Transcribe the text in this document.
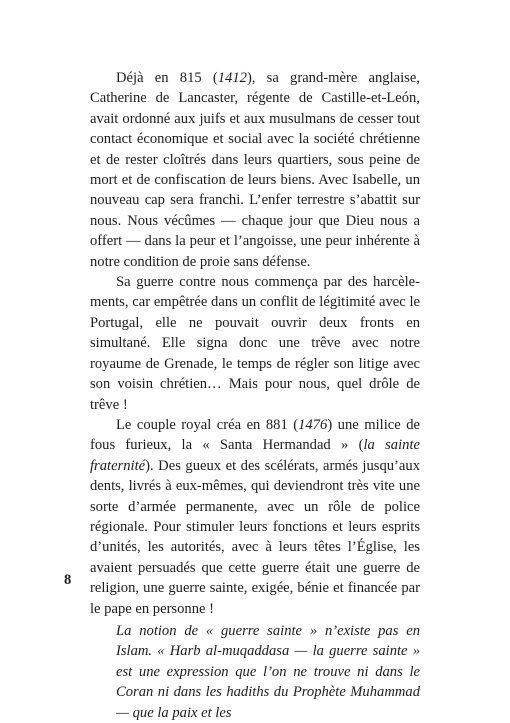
Déjà en 815 (1412), sa grand-mère anglaise, Catherine de Lancaster, régente de Castille-et-León, avait ordonné aux juifs et aux musulmans de cesser tout contact économique et social avec la société chrétienne et de rester cloîtrés dans leurs quartiers, sous peine de mort et de confiscation de leurs biens. Avec Isabelle, un nouveau cap sera franchi. L’enfer terrestre s’abattit sur nous. Nous vécûmes — chaque jour que Dieu nous a offert — dans la peur et l’angoisse, une peur inhérente à notre condition de proie sans défense.

Sa guerre contre nous commença par des harcèlements, car empêtrée dans un conflit de légitimité avec le Portugal, elle ne pouvait ouvrir deux fronts en simultané. Elle signa donc une trêve avec notre royaume de Grenade, le temps de régler son litige avec son voisin chrétien… Mais pour nous, quel drôle de trêve !

Le couple royal créa en 881 (1476) une milice de fous furieux, la « Santa Hermandad » (la sainte fraternité). Des gueux et des scélérats, armés jusqu’aux dents, livrés à eux-mêmes, qui deviendront très vite une sorte d’armée permanente, avec un rôle de police régionale. Pour stimuler leurs fonctions et leurs esprits d’unités, les autorités, avec à leurs têtes l’Église, les avaient persuadés que cette guerre était une guerre de religion, une guerre sainte, exigée, bénie et financée par le pape en personne !

La notion de « guerre sainte » n’existe pas en Islam. « Harb al-muqaddasa — la guerre sainte » est une expression que l’on ne trouve ni dans le Coran ni dans les hadiths du Prophète Muhammad — que la paix et les

8
